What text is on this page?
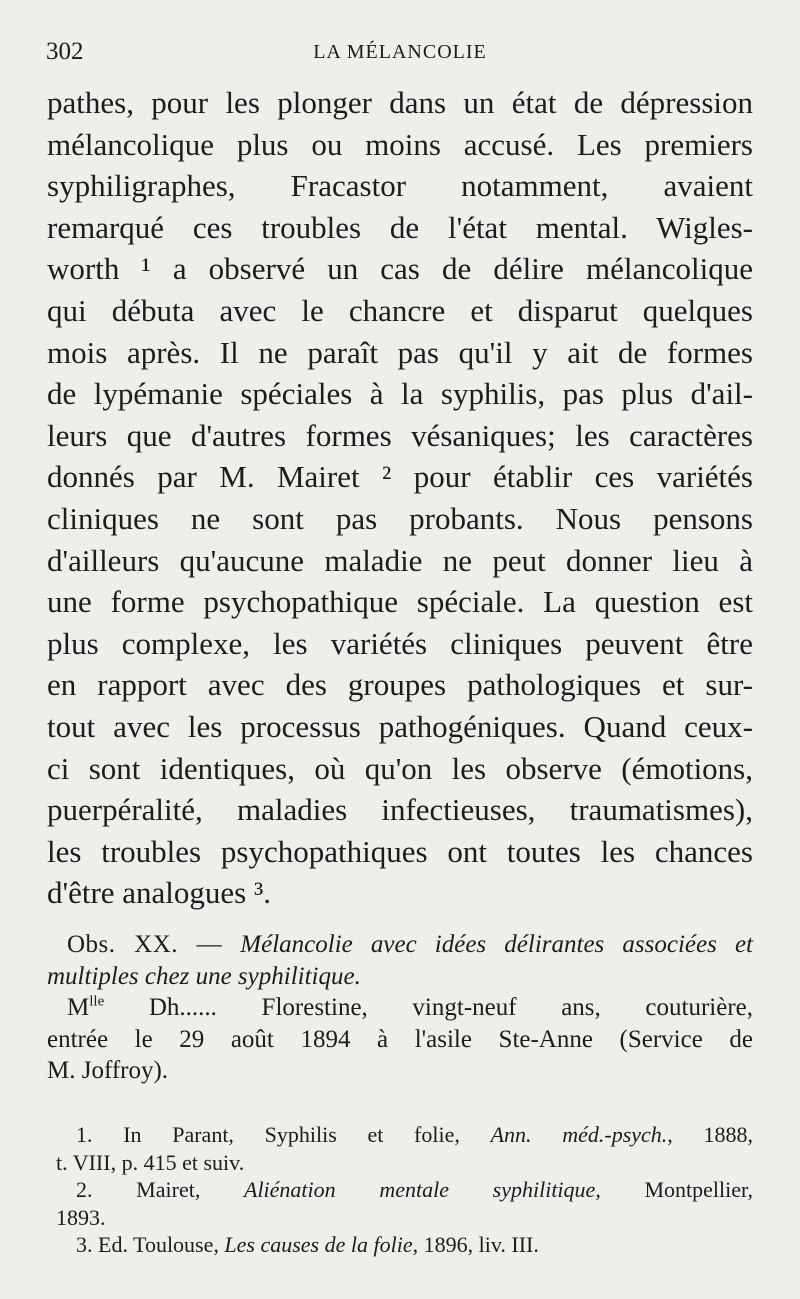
302	LA MÉLANCOLIE
pathes, pour les plonger dans un état de dépression
mélancolique plus ou moins accusé. Les premiers
syphiligraphes, Fracastor notamment, avaient
remarqué ces troubles de l'état mental. Wigles-
worth ¹ a observé un cas de délire mélancolique
qui débuta avec le chancre et disparut quelques
mois après. Il ne paraît pas qu'il y ait de formes
de lypémanie spéciales à la syphilis, pas plus d'ail-
leurs que d'autres formes vésaniques; les caractères
donnés par M. Mairet ² pour établir ces variétés
cliniques ne sont pas probants. Nous pensons
d'ailleurs qu'aucune maladie ne peut donner lieu à
une forme psychopathique spéciale. La question est
plus complexe, les variétés cliniques peuvent être
en rapport avec des groupes pathologiques et sur-
tout avec les processus pathogéniques. Quand ceux-
ci sont identiques, où qu'on les observe (émotions,
puerpéralité, maladies infectieuses, traumatismes),
les troubles psychopathiques ont toutes les chances
d'être analogues ³.
Obs. XX. — Mélancolie avec idées délirantes associées et
multiples chez une syphilitique.
$M^{lle}$ Dh...... Florestine, vingt-neuf ans, couturière,
entrée le 29 août 1894 à l'asile Ste-Anne (Service de
M. Joffroy).
1. In Parant, Syphilis et folie, Ann. méd.-psych., 1888,
t. VIII, p. 415 et suiv.
2. Mairet, Aliénation mentale syphilitique, Montpellier,
1893.
3. Ed. Toulouse, Les causes de la folie, 1896, liv. III.
